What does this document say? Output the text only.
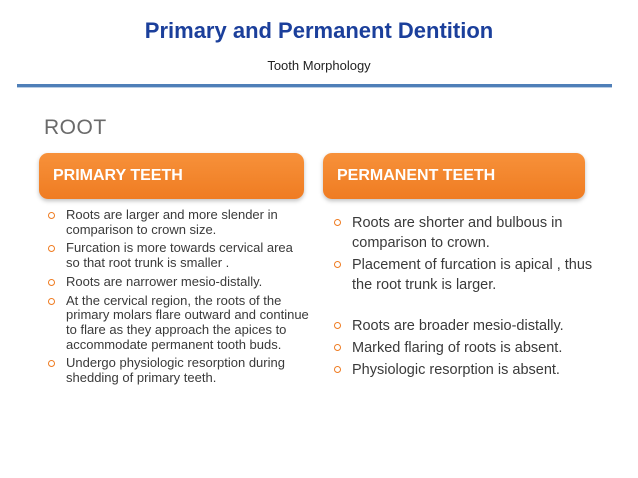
Primary and Permanent Dentition
Tooth Morphology
ROOT
PRIMARY TEETH	PERMANENT TEETH
Roots are larger and more slender in comparison to crown size.
Furcation is more towards cervical area so that root trunk is smaller .
Roots are narrower mesio-distally.
At the cervical region, the roots of the primary molars flare outward and continue to flare as they approach the apices to accommodate permanent tooth buds.
Undergo physiologic resorption during shedding of primary teeth.
Roots are shorter and bulbous in comparison to crown.
Placement of furcation is apical , thus the root trunk is larger.
Roots are broader mesio-distally.
Marked flaring of roots is absent.
Physiologic resorption is absent.
